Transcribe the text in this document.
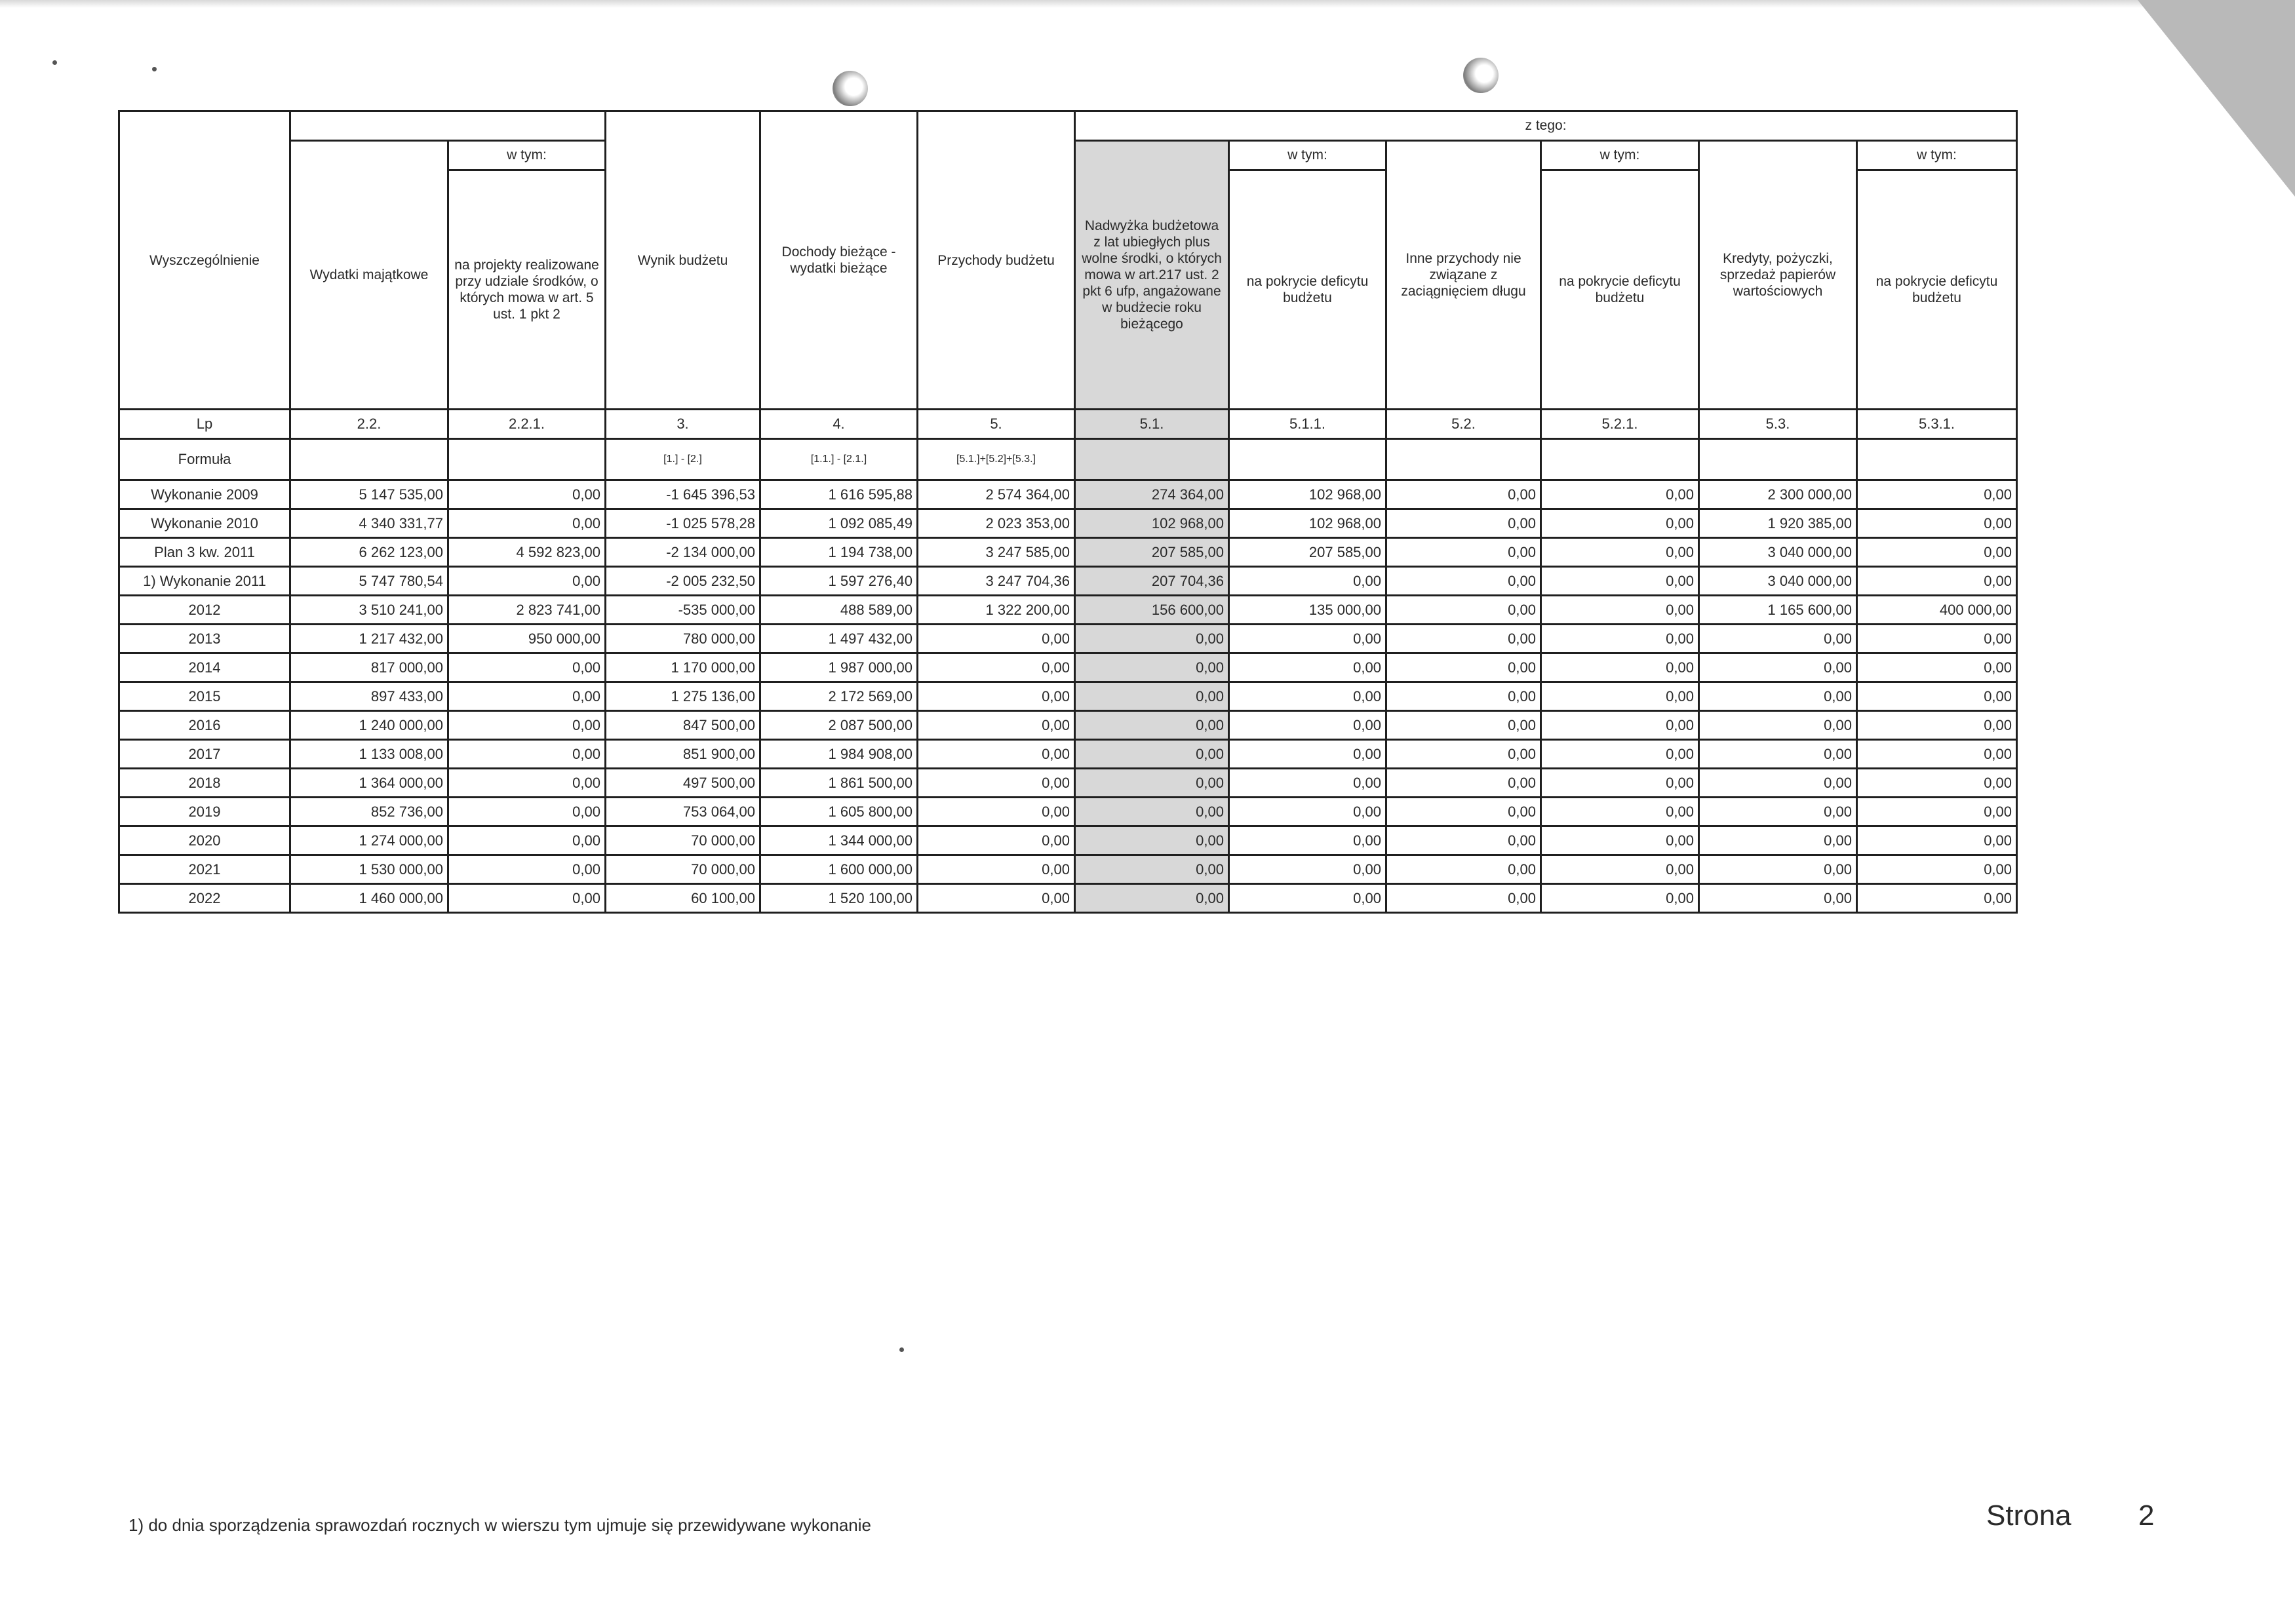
Wyszczególnienie			Wynik budżetu	Dochody bieżące - wydatki bieżące	Przychody budżetu	z tego:					
	Wydatki majątkowe	w tym:				Nadwyżka budżetowa z lat ubiegłych plus wolne środki, o których mowa w art.217 ust. 2 pkt 6 ufp, angażowane w budżecie roku bieżącego	w tym:	Inne przychody nie związane z zaciągnięciem długu	w tym:	Kredyty, pożyczki, sprzedaż papierów wartościowych	w tym:
		na projekty realizowane przy udziale środków, o których mowa w art. 5 ust. 1 pkt 2					na pokrycie deficytu budżetu		na pokrycie deficytu budżetu		na pokrycie deficytu budżetu
Lp	2.2.	2.2.1.	3.	4.	5.	5.1.	5.1.1.	5.2.	5.2.1.	5.3.	5.3.1.
Formuła			[1.] - [2.]	[1.1.] - [2.1.]	[5.1.]+[5.2]+[5.3.]						
Wykonanie 2009	5 147 535,00	0,00	-1 645 396,53	1 616 595,88	2 574 364,00	274 364,00	102 968,00	0,00	0,00	2 300 000,00	0,00
Wykonanie 2010	4 340 331,77	0,00	-1 025 578,28	1 092 085,49	2 023 353,00	102 968,00	102 968,00	0,00	0,00	1 920 385,00	0,00
Plan 3 kw. 2011	6 262 123,00	4 592 823,00	-2 134 000,00	1 194 738,00	3 247 585,00	207 585,00	207 585,00	0,00	0,00	3 040 000,00	0,00
1) Wykonanie 2011	5 747 780,54	0,00	-2 005 232,50	1 597 276,40	3 247 704,36	207 704,36	0,00	0,00	0,00	3 040 000,00	0,00
2012	3 510 241,00	2 823 741,00	-535 000,00	488 589,00	1 322 200,00	156 600,00	135 000,00	0,00	0,00	1 165 600,00	400 000,00
2013	1 217 432,00	950 000,00	780 000,00	1 497 432,00	0,00	0,00	0,00	0,00	0,00	0,00	0,00
2014	817 000,00	0,00	1 170 000,00	1 987 000,00	0,00	0,00	0,00	0,00	0,00	0,00	0,00
2015	897 433,00	0,00	1 275 136,00	2 172 569,00	0,00	0,00	0,00	0,00	0,00	0,00	0,00
2016	1 240 000,00	0,00	847 500,00	2 087 500,00	0,00	0,00	0,00	0,00	0,00	0,00	0,00
2017	1 133 008,00	0,00	851 900,00	1 984 908,00	0,00	0,00	0,00	0,00	0,00	0,00	0,00
2018	1 364 000,00	0,00	497 500,00	1 861 500,00	0,00	0,00	0,00	0,00	0,00	0,00	0,00
2019	852 736,00	0,00	753 064,00	1 605 800,00	0,00	0,00	0,00	0,00	0,00	0,00	0,00
2020	1 274 000,00	0,00	70 000,00	1 344 000,00	0,00	0,00	0,00	0,00	0,00	0,00	0,00
2021	1 530 000,00	0,00	70 000,00	1 600 000,00	0,00	0,00	0,00	0,00	0,00	0,00	0,00
2022	1 460 000,00	0,00	60 100,00	1 520 100,00	0,00	0,00	0,00	0,00	0,00	0,00	0,00
1) do dnia sporządzenia sprawozdań rocznych w wierszu tym ujmuje się przewidywane wykonanie	Strona 2
